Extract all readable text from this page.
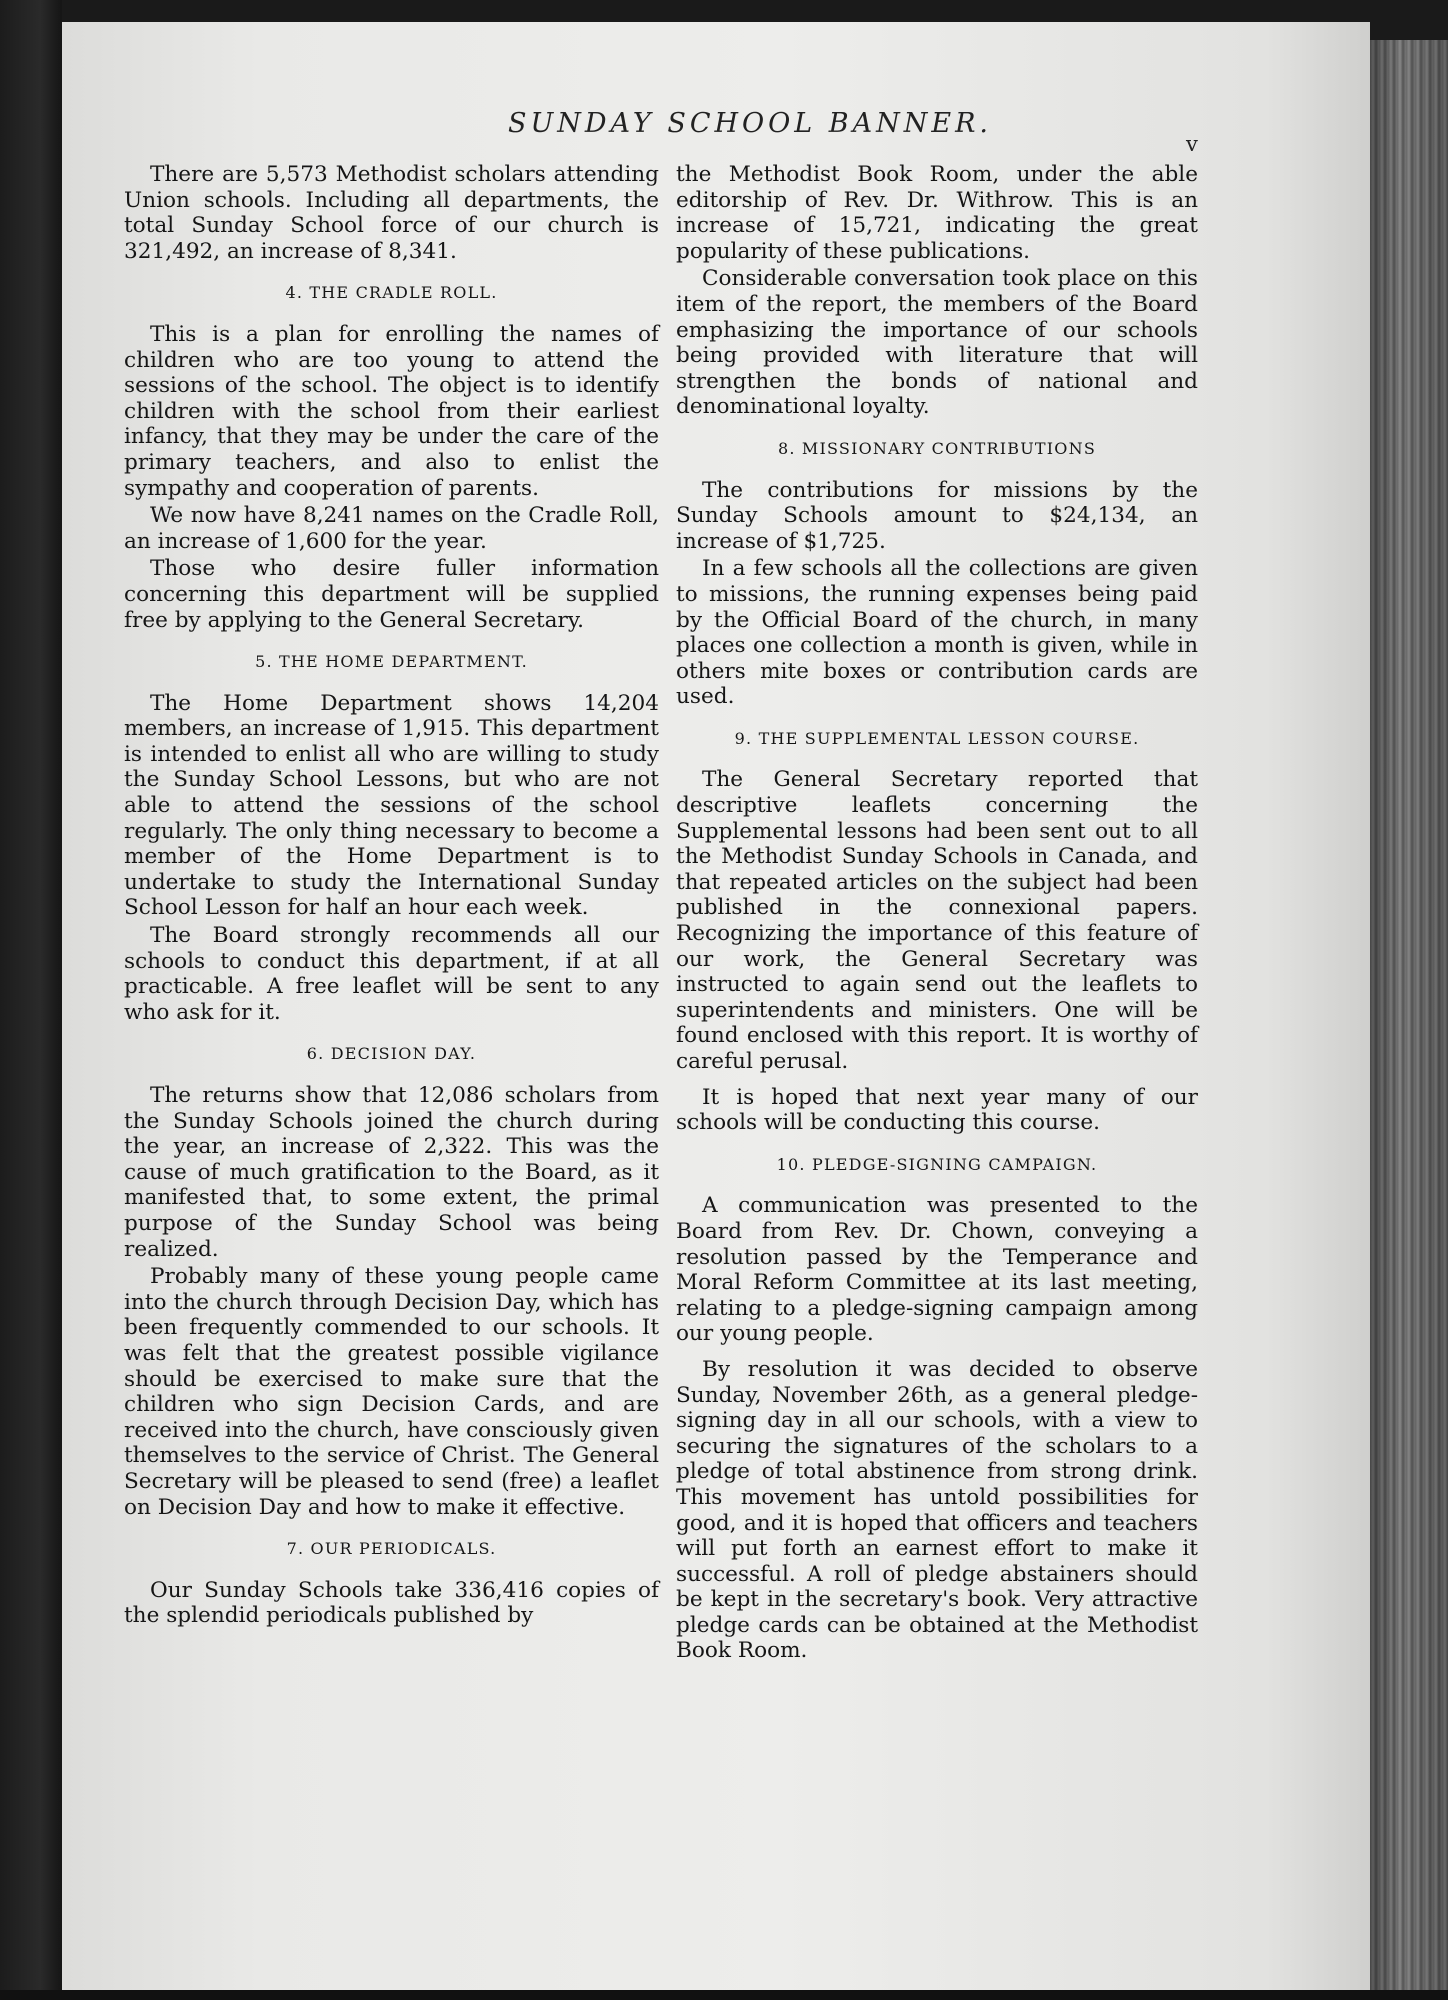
SUNDAY SCHOOL BANNER.
v

There are 5,573 Methodist scholars attending Union schools. Including all departments, the total Sunday School force of our church is 321,492, an increase of 8,341.

4. THE CRADLE ROLL.

This is a plan for enrolling the names of children who are too young to attend the sessions of the school. The object is to identify children with the school from their earliest infancy, that they may be under the care of the primary teachers, and also to enlist the sympathy and cooperation of parents.

We now have 8,241 names on the Cradle Roll, an increase of 1,600 for the year.

Those who desire fuller information concerning this department will be supplied free by applying to the General Secretary.

5. THE HOME DEPARTMENT.

The Home Department shows 14,204 members, an increase of 1,915. This department is intended to enlist all who are willing to study the Sunday School Lessons, but who are not able to attend the sessions of the school regularly. The only thing necessary to become a member of the Home Department is to undertake to study the International Sunday School Lesson for half an hour each week.

The Board strongly recommends all our schools to conduct this department, if at all practicable. A free leaflet will be sent to any who ask for it.

6. DECISION DAY.

The returns show that 12,086 scholars from the Sunday Schools joined the church during the year, an increase of 2,322. This was the cause of much gratification to the Board, as it manifested that, to some extent, the primal purpose of the Sunday School was being realized.

Probably many of these young people came into the church through Decision Day, which has been frequently commended to our schools. It was felt that the greatest possible vigilance should be exercised to make sure that the children who sign Decision Cards, and are received into the church, have consciously given themselves to the service of Christ. The General Secretary will be pleased to send (free) a leaflet on Decision Day and how to make it effective.

7. OUR PERIODICALS.

Our Sunday Schools take 336,416 copies of the splendid periodicals published by

the Methodist Book Room, under the able editorship of Rev. Dr. Withrow. This is an increase of 15,721, indicating the great popularity of these publications.

Considerable conversation took place on this item of the report, the members of the Board emphasizing the importance of our schools being provided with literature that will strengthen the bonds of national and denominational loyalty.

8. MISSIONARY CONTRIBUTIONS

The contributions for missions by the Sunday Schools amount to $24,134, an increase of $1,725.

In a few schools all the collections are given to missions, the running expenses being paid by the Official Board of the church, in many places one collection a month is given, while in others mite boxes or contribution cards are used.

9. THE SUPPLEMENTAL LESSON COURSE.

The General Secretary reported that descriptive leaflets concerning the Supplemental lessons had been sent out to all the Methodist Sunday Schools in Canada, and that repeated articles on the subject had been published in the connexional papers. Recognizing the importance of this feature of our work, the General Secretary was instructed to again send out the leaflets to superintendents and ministers. One will be found enclosed with this report. It is worthy of careful perusal.

It is hoped that next year many of our schools will be conducting this course.

10. PLEDGE-SIGNING CAMPAIGN.

A communication was presented to the Board from Rev. Dr. Chown, conveying a resolution passed by the Temperance and Moral Reform Committee at its last meeting, relating to a pledge-signing campaign among our young people.

By resolution it was decided to observe Sunday, November 26th, as a general pledge-signing day in all our schools, with a view to securing the signatures of the scholars to a pledge of total abstinence from strong drink. This movement has untold possibilities for good, and it is hoped that officers and teachers will put forth an earnest effort to make it successful. A roll of pledge abstainers should be kept in the secretary's book. Very attractive pledge cards can be obtained at the Methodist Book Room.
